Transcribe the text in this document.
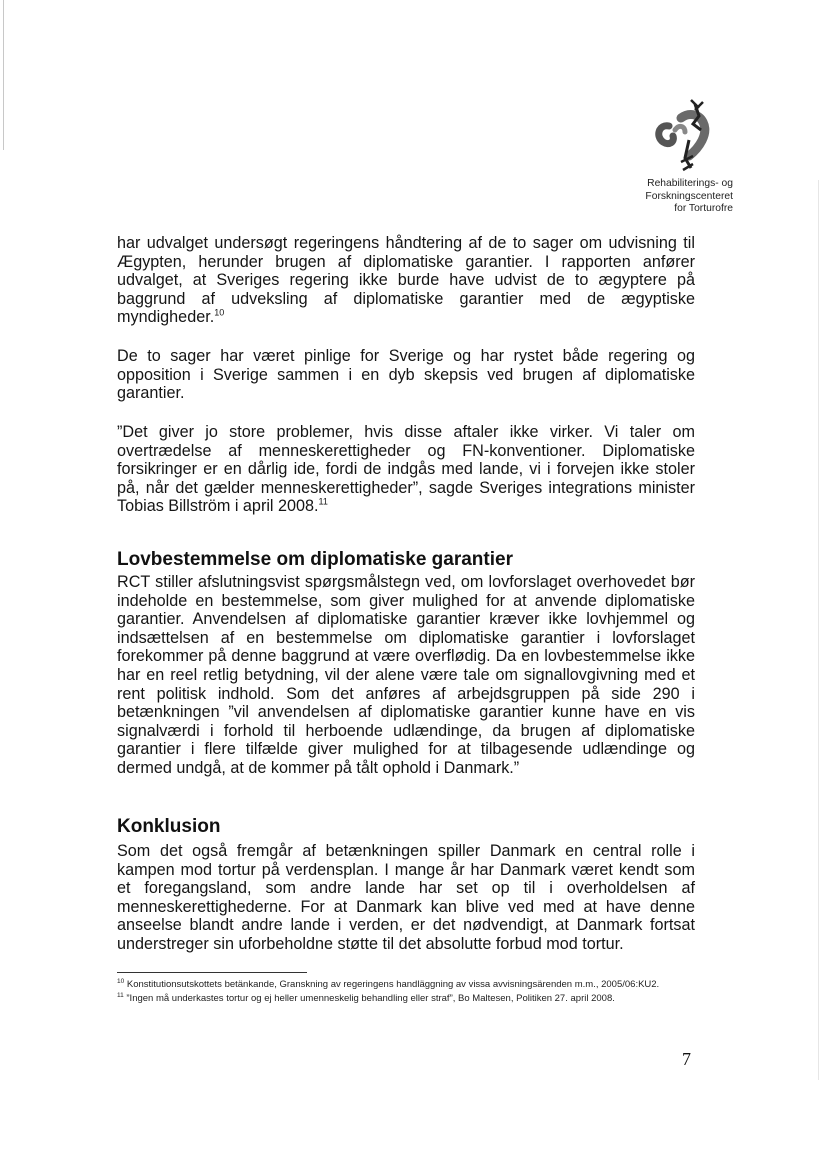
Rehabiliterings- og
Forskningscenteret
for Torturofre

har udvalget undersøgt regeringens håndtering af de to sager om udvisning til Ægypten, herunder brugen af diplomatiske garantier. I rapporten anfører udvalget, at Sveriges regering ikke burde have udvist de to ægyptere på baggrund af udveksling af diplomatiske garantier med de ægyptiske myndigheder.$^{10}$

De to sager har været pinlige for Sverige og har rystet både regering og opposition i Sverige sammen i en dyb skepsis ved brugen af diplomatiske garantier.

”Det giver jo store problemer, hvis disse aftaler ikke virker. Vi taler om overtrædelse af menneskerettigheder og FN-konventioner. Diplomatiske forsikringer er en dårlig ide, fordi de indgås med lande, vi i forvejen ikke stoler på, når det gælder menneskerettigheder”, sagde Sveriges integrations minister Tobias Billström i april 2008.11

Lovbestemmelse om diplomatiske garantier

RCT stiller afslutningsvist spørgsmålstegn ved, om lovforslaget overhovedet bør indeholde en bestemmelse, som giver mulighed for at anvende diplomatiske garantier. Anvendelsen af diplomatiske garantier kræver ikke lovhjemmel og indsættelsen af en bestemmelse om diplomatiske garantier i lovforslaget forekommer på denne baggrund at være overflødig. Da en lovbestemmelse ikke har en reel retlig betydning, vil der alene være tale om signallovgivning med et rent politisk indhold. Som det anføres af arbejdsgruppen på side 290 i betænkningen ”vil anvendelsen af diplomatiske garantier kunne have en vis signalværdi i forhold til herboende udlændinge, da brugen af diplomatiske garantier i flere tilfælde giver mulighed for at tilbagesende udlændinge og dermed undgå, at de kommer på tålt ophold i Danmark.”

Konklusion

Som det også fremgår af betænkningen spiller Danmark en central rolle i kampen mod tortur på verdensplan. I mange år har Danmark været kendt som et foregangsland, som andre lande har set op til i overholdelsen af menneskerettighederne. For at Danmark kan blive ved med at have denne anseelse blandt andre lande i verden, er det nødvendigt, at Danmark fortsat understreger sin uforbeholdne støtte til det absolutte forbud mod tortur.

$^{10}$ Konstitutionsutskottets betänkande, Granskning av regeringens handläggning av vissa avvisningsärenden m.m., 2005/06:KU2.

$^{11}$ ”Ingen må underkastes tortur og ej heller umenneskelig behandling eller straf”, Bo Maltesen, Politiken 27. april 2008.

7
